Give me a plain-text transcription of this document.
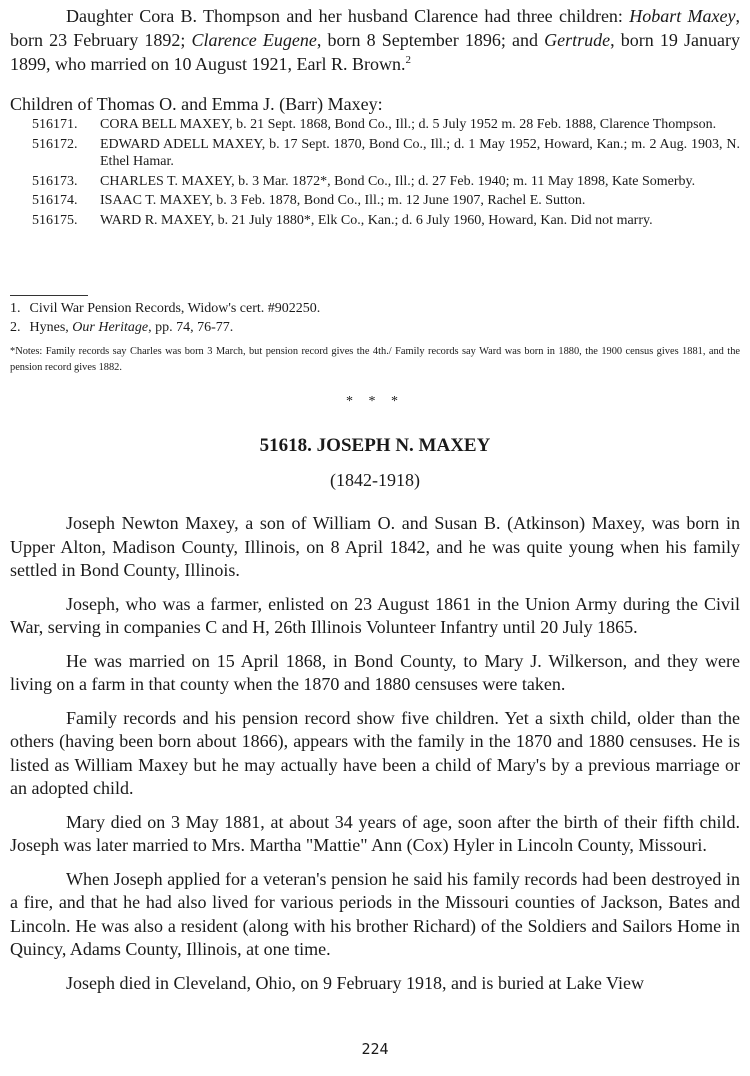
Daughter Cora B. Thompson and her husband Clarence had three children: Hobart Maxey, born 23 February 1892; Clarence Eugene, born 8 September 1896; and Gertrude, born 19 January 1899, who married on 10 August 1921, Earl R. Brown.$^2$

Children of Thomas O. and Emma J. (Barr) Maxey:

516171.	CORA BELL MAXEY, b. 21 Sept. 1868, Bond Co., Ill.; d. 5 July 1952 m. 28 Feb. 1888, Clarence Thompson.
516172.	EDWARD ADELL MAXEY, b. 17 Sept. 1870, Bond Co., Ill.; d. 1 May 1952, Howard, Kan.; m. 2 Aug. 1903, N. Ethel Hamar.
516173.	CHARLES T. MAXEY, b. 3 Mar. 1872*, Bond Co., Ill.; d. 27 Feb. 1940; m. 11 May 1898, Kate Somerby.
516174.	ISAAC T. MAXEY, b. 3 Feb. 1878, Bond Co., Ill.; m. 12 June 1907, Rachel E. Sutton.
516175.	WARD R. MAXEY, b. 21 July 1880*, Elk Co., Kan.; d. 6 July 1960, Howard, Kan. Did not marry.
1. Civil War Pension Records, Widow's cert. #902250.
2. Hynes, Our Heritage, pp. 74, 76-77.

*Notes: Family records say Charles was born 3 March, but pension record gives the 4th./ Family records say Ward was born in 1880, the 1900 census gives 1881, and the pension record gives 1882.

* * *

51618. JOSEPH N. MAXEY

(1842-1918)

Joseph Newton Maxey, a son of William O. and Susan B. (Atkinson) Maxey, was born in Upper Alton, Madison County, Illinois, on 8 April 1842, and he was quite young when his family settled in Bond County, Illinois.

Joseph, who was a farmer, enlisted on 23 August 1861 in the Union Army during the Civil War, serving in companies C and H, 26th Illinois Volunteer Infantry until 20 July 1865.

He was married on 15 April 1868, in Bond County, to Mary J. Wilkerson, and they were living on a farm in that county when the 1870 and 1880 censuses were taken.

Family records and his pension record show five children. Yet a sixth child, older than the others (having been born about 1866), appears with the family in the 1870 and 1880 censuses. He is listed as William Maxey but he may actually have been a child of Mary's by a previous marriage or an adopted child.

Mary died on 3 May 1881, at about 34 years of age, soon after the birth of their fifth child. Joseph was later married to Mrs. Martha "Mattie" Ann (Cox) Hyler in Lincoln County, Missouri.

When Joseph applied for a veteran's pension he said his family records had been destroyed in a fire, and that he had also lived for various periods in the Missouri counties of Jackson, Bates and Lincoln. He was also a resident (along with his brother Richard) of the Soldiers and Sailors Home in Quincy, Adams County, Illinois, at one time.

Joseph died in Cleveland, Ohio, on 9 February 1918, and is buried at Lake View

224
